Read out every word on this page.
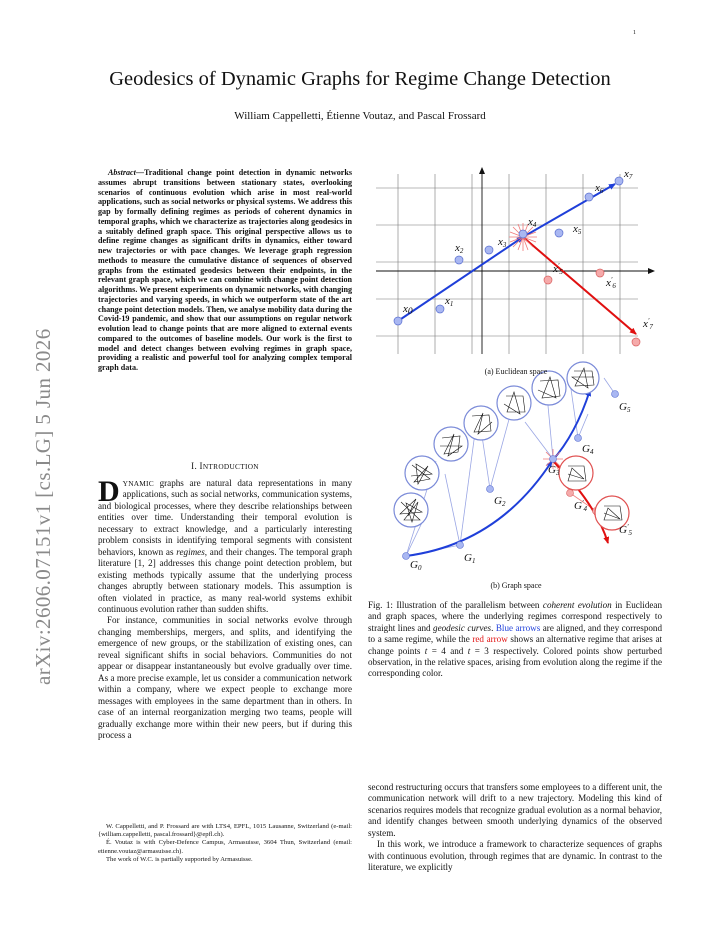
1
arXiv:2606.07151v1 [cs.LG] 5 Jun 2026
Geodesics of Dynamic Graphs for Regime Change Detection
William Cappelletti, Étienne Voutaz, and Pascal Frossard
Abstract—Traditional change point detection in dynamic networks assumes abrupt transitions between stationary states, overlooking scenarios of continuous evolution which arise in most real-world applications, such as social networks or physical systems. We address this gap by formally defining regimes as periods of coherent dynamics in temporal graphs, which we characterize as trajectories along geodesics in a suitably defined graph space. This original perspective allows us to define regime changes as significant drifts in dynamics, either toward new trajectories or with pace changes. We leverage graph regression methods to measure the cumulative distance of sequences of observed graphs from the estimated geodesics between their endpoints, in the relevant graph space, which we can combine with change point detection algorithms. We present experiments on dynamic networks, with changing trajectories and varying speeds, in which we outperform state of the art change point detection models. Then, we analyse mobility data during the Covid-19 pandemic, and show that our assumptions on regular network evolution lead to change points that are more aligned to external events compared to the outcomes of baseline models. Our work is the first to model and detect changes between evolving regimes in graph space, providing a realistic and powerful tool for analyzing complex temporal graph data.
I. INTRODUCTION

DYNAMIC graphs are natural data representations in many applications, such as social networks, communication systems, and biological processes, where they describe relationships between entities over time. Understanding their temporal evolution is necessary to extract knowledge, and a particularly interesting problem consists in identifying temporal segments with consistent behaviors, known as regimes, and their changes. The temporal graph literature [1, 2] addresses this change point detection problem, but existing methods typically assume that the underlying process changes abruptly between stationary models. This assumption is often violated in practice, as many real-world systems exhibit continuous evolution rather than sudden shifts.

For instance, communities in social networks evolve through changing memberships, mergers, and splits, and identifying the emergence of new groups, or the stabilization of existing ones, can reveal significant shifts in social behaviors. Communities do not appear or disappear instantaneously but evolve gradually over time. As a more precise example, let us consider a communication network within a company, where we expect people to exchange more messages with employees in the same department than in others. In case of an internal reorganization merging two teams, people will gradually exchange more within their new peers, but if during this process a

W. Cappelletti, and P. Frossard are with LTS4, EPFL, 1015 Lausanne, Switzerland (e-mail: {william.cappelletti, pascal.frossard}@epfl.ch).

É. Voutaz is with Cyber-Defence Campus, Armasuisse, 3604 Thun, Switzerland (email: etienne.voutaz@armasuisse.ch).

The work of W.C. is partially supported by Armasuisse.

x0
x1
x2
x3
x4	x5
x6
x7
$x'_5$
$x'_6$
$x'_7$
G0
G1
G2
G3
G4
G5
$G'_4$
$G'_5$
(a) Euclidean space
(b) Graph space
Fig. 1: Illustration of the parallelism between coherent evolution in Euclidean and graph spaces, where the underlying regimes correspond respectively to straight lines and geodesic curves. Blue arrows are aligned, and they correspond to a same regime, while the red arrow shows an alternative regime that arises at change points t = 4 and t = 3 respectively. Colored points show perturbed observation, in the relative spaces, arising from evolution along the regime if the corresponding color.

second restructuring occurs that transfers some employees to a different unit, the communication network will drift to a new trajectory. Modeling this kind of scenarios requires models that recognize gradual evolution as a normal behavior, and identify changes between smooth underlying dynamics of the observed system.

In this work, we introduce a framework to characterize sequences of graphs with continuous evolution, through regimes that are dynamic. In contrast to the literature, we explicitly
